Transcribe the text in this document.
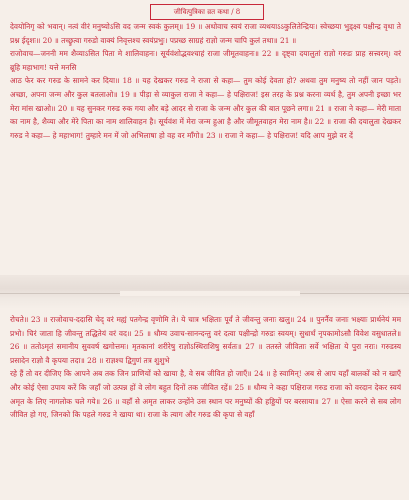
जीवित्पुत्रिका व्रत कथा / 8

देवयोनिगृ को भवान्। नत्वं वीरं मनुष्योऽसि वद जन्म स्वकं कुलम्॥ 19 ॥ अथोवाच स्वयं राजा व्यथयाऽऽकुलितेन्द्रियः। स्वेच्छया भुड्क्ष्व पक्षीन्द्र वृथा ते प्रश्न ईदृशः॥ 20 ॥ तच्छ्रुत्वा गरुडो वाक्यं निवृत्तश्च स्वयंप्रभुः। पप्रच्छ साग्रहं राज्ञो जन्म चापि कुलं तथा॥ 21 ॥

राजोवाच—जननी मम शैव्याऽसित पिता मे शालिवाहनः। सूर्यवंशोद्भवश्चाहं राजा जीमूतवाहनः॥ 22 ॥ दृष्ट्वा दयालुतां राज्ञो गरुडः प्राह सत्त्वरम्। वरं ब्रूहि महाभाग! यत्ते मनसि

आठ फेर कर गरुड के सामने कर दिया॥ 18 ॥ यह देखकर गरुड ने राजा से कहा— तुम कोई देवता हो? अथवा तुम मनुष्य तो नहीं जान पड़ते। अच्छा, अपना जन्म और कुल बतलाओ॥ 19 ॥ पीड़ा से व्याकुल राजा ने कहा— हे पक्षिराज! इस तरह के प्रश्न करना व्यर्थ है, तुम अपनी इच्छा भर मेरा मांस खाओ॥ 20 ॥ यह सुनकर गरुड रुक गया और बड़े आदर से राजा के जन्म और कुल की बात पूछने लगा॥ 21 ॥ राजा ने कहा— मेरी माता का नाम है, शैव्या और मेरे पिता का नाम शालिवाहन है। सूर्यवंश में मेरा जन्म हुआ है और जीमूतवाहन मेरा नाम है॥ 22 ॥ राजा की दयालुता देखकर गरुड ने कहा— हे महाभाग! तुम्हारे मन में जो अभिलाषा हो वह वर माँगो॥ 23 ॥ राजा ने कहा— हे पक्षिराज! यदि आप मुझे वर दें

रोचते॥ 23 ॥ राजोवाच-ददासि चेद् वरं मह्यं पतगेन्द्र वृणोमि ते। ये चात्र भक्षिताः पूर्वं ते जीवन्तु जनाः खलु॥ 24 ॥ पुनर्नैव जनाः भक्ष्याः प्रार्थनेयं मम प्रभो। चिरं जाता हि जीवन्तु तद्धितेयं वरं वद॥ 25 ॥ धौम्य उवाच-सानन्दन्तु वरं दत्वा पक्षीन्द्रो गरुडः स्वयम्। सुधार्थं नृपकामोऽसौ विवेश वसुधातले॥ 26 ॥ ततोऽमृतं समानीय सुववर्ष खगोत्तमः। मृतकानां शरीरेषु राज्ञोऽस्थिराशिषु सर्वतः॥ 27 ॥ ततस्ते जीविताः सर्वे भक्षिता ये पुरा नराः। गरुडस्य प्रसादेन राज्ञो वै कृपया तदा॥ 28 ॥ राज्ञश्च द्विगुणं तत्र शुशुभे

रहे हैं तो वर दीजिए कि आपने अब तक जिन प्राणियों को खाया है, वे सब जीवित हो जाएँ॥ 24 ॥ हे स्वामिन्! अब से आप यहाँ बालकों को न खाएँ और कोई ऐसा उपाय करें कि जहाँ जो उत्पन्न हों वे लोग बहुत दिनों तक जीवित रहें॥ 25 ॥ धौम्य ने कहा पक्षिराज गरुड राजा को वरदान देकर स्वयं अमृत के लिए नागलोक चले गये॥ 26 ॥ वहाँ से अमृत लाकर उन्होंने उस स्थान पर मनुष्यों की हड्डियों पर बरसाया॥ 27 ॥ ऐसा करने से सब लोग जीवित हो गए, जिनको कि पहले गरुड ने खाया था। राजा के त्याग और गरुड की कृपा से वहाँ
